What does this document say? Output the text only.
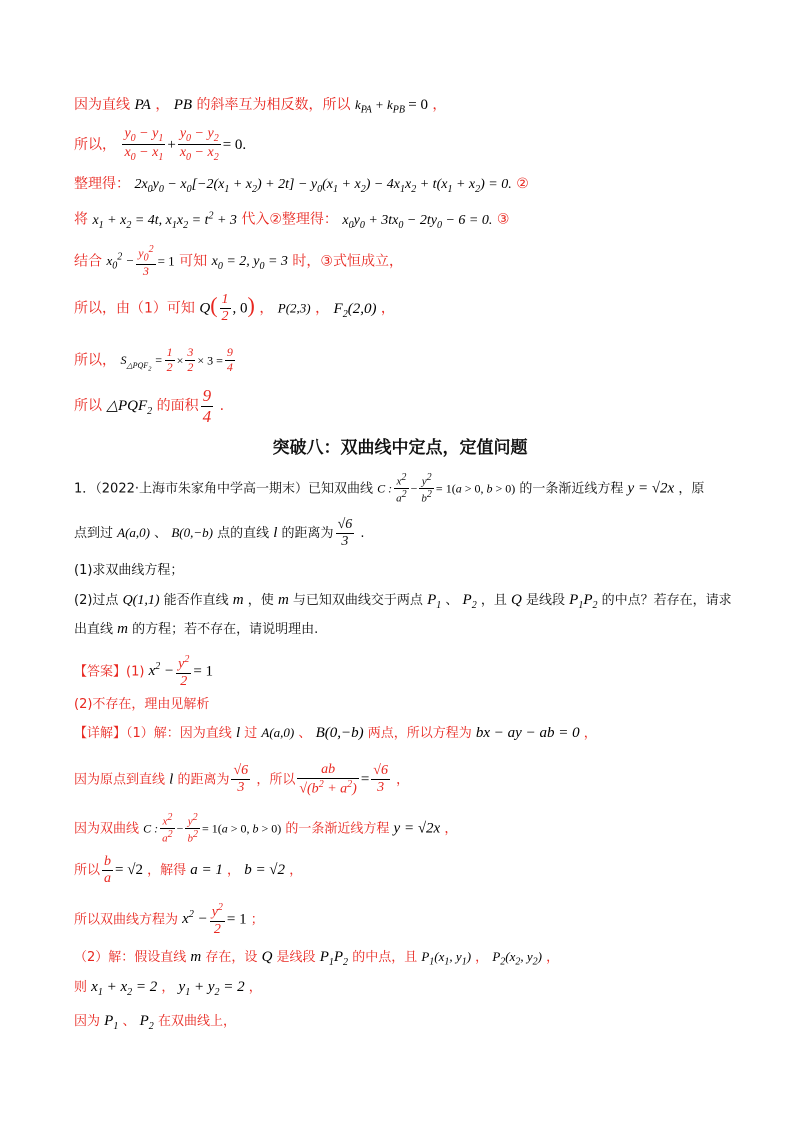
因为直线 PA ， PB 的斜率互为相反数，所以 $k_{PA} + k_{PB} = 0$ ，
所以， $\frac{y_0 - y_1}{x_0 - x_1} + \frac{y_0 - y_2}{x_0 - x_2} = 0$.
整理得： $2x_0y_0 - x_0[-2(x_1 + x_2) + 2t] - y_0(x_1 + x_2) - 4x_1x_2 + t(x_1 + x_2) = 0$. ②
将 $x_1 + x_2 = 4t$, $x_1x_2 = t^2 + 3$ 代入②整理得： $x_0y_0 + 3tx_0 - 2ty_0 - 6 = 0$. ③
结合 $x_0^2 - \frac{y_0^2}{3} = 1$ 可知 $x_0 = 2$, $y_0 = 3$ 时，③式恒成立，
所以，由（1）可知 $Q( \frac{1}{2}$ , 0) ， P(2,3) ， $F_2(2,0)$ ，
所以， $S_{\triangle PQF_2} = \frac{1}{2} \times \frac{3}{2} \times 3 = \frac{9}{4}$
所以 $\triangle PQF_2$ 的面积 $\frac{9}{4}$ .
突破八：双曲线中定点，定值问题
1．（2022·上海市朱家角中学高一期末）已知双曲线 C : $\frac{x^2}{a^2} - \frac{y^2}{b^2} = 1(a > 0$, b > 0) 的一条渐近线方程 y = √2x ，原
点到过 A(a,0) 、 B(0,−b) 点的直线 l 的距离为 $\frac{√6}{3}$ .
(1)求双曲线方程；
(2)过点 Q(1,1) 能否作直线 m ，使 m 与已知双曲线交于两点 $P_1$ 、 $P_2$ ，且 Q 是线段 $P_1P_2$ 的中点？若存在，请求
出直线 m 的方程；若不存在，请说明理由.
【答案】(1) $x^2 - \frac{y^2}{2} = 1$
(2)不存在，理由见解析
【详解】（1）解：因为直线 l 过 A(a,0) 、 B(0,−b) 两点，所以方程为 bx − ay − ab = 0 ，
因为原点到直线 l 的距离为 $\frac{√6}{3}$ ，所以 $\frac{ab}{√(b^2 + a^2)} = \frac{√6}{3}$ ，
因为双曲线 C : $\frac{x^2}{a^2} - \frac{y^2}{b^2} = 1(a > 0$, b > 0) 的一条渐近线方程 y = √2x ，
所以 $\frac{b}{a} = √2$ ，解得 a = 1 ， b = √2 ，
所以双曲线方程为 $x^2 - \frac{y^2}{2} = 1$ ；
（2）解：假设直线 m 存在，设 Q 是线段 $P_1P_2$ 的中点，且 $P_1(x_1$, $y_1$) ， $P_2(x_2$, $y_2$) ，
则 $x_1 + x_2 = 2$ ， $y_1 + y_2 = 2$ ，
因为 $P_1$ 、 $P_2$ 在双曲线上，
